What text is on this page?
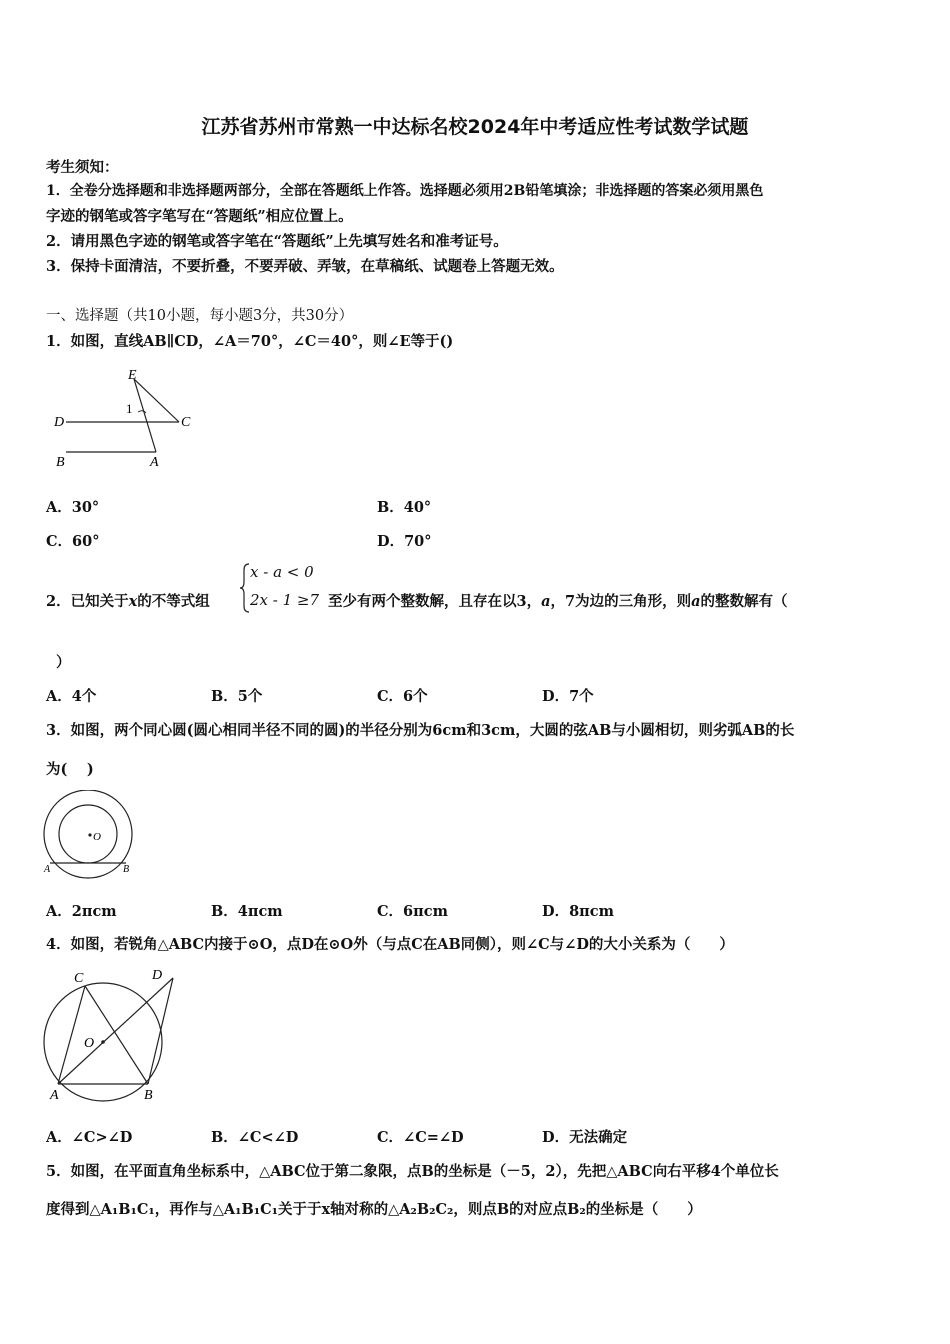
江苏省苏州市常熟一中达标名校2024年中考适应性考试数学试题
考生须知：
1．全卷分选择题和非选择题两部分，全部在答题纸上作答。选择题必须用2B铅笔填涂；非选择题的答案必须用黑色
字迹的钢笔或答字笔写在“答题纸”相应位置上。
2．请用黑色字迹的钢笔或答字笔在“答题纸”上先填写姓名和准考证号。
3．保持卡面清洁，不要折叠，不要弄破、弄皱，在草稿纸、试题卷上答题无效。
一、选择题（共10小题，每小题3分，共30分）
1．如图，直线AB∥CD，∠A＝70°，∠C＝40°，则∠E等于()
E
D	C
B	A
1
A．30°	B．40°
C．60°	D．70°
2．已知关于x的不等式组
x - a < 0
2x - 1 ≥7 至少有两个整数解，且存在以3，a，7为边的三角形，则a的整数解有（
）
A．4个	B．5个	C．6个	D．7个
3．如图，两个同心圆(圆心相同半径不同的圆)的半径分别为6cm和3cm，大圆的弦AB与小圆相切，则劣弧AB的长
为(　 )
O
A	B
A．2πcm	B．4πcm	C．6πcm	D．8πcm
4．如图，若锐角△ABC内接于⊙O，点D在⊙O外（与点C在AB同侧），则∠C与∠D的大小关系为（　　）
C	D
O
A	B
A．∠C>∠D	B．∠C<∠D	C．∠C=∠D	D．无法确定
5．如图，在平面直角坐标系中，△ABC位于第二象限，点B的坐标是（－5，2），先把△ABC向右平移4个单位长
度得到△A₁B₁C₁，再作与△A₁B₁C₁关于于x轴对称的△A₂B₂C₂，则点B的对应点B₂的坐标是（　　）
